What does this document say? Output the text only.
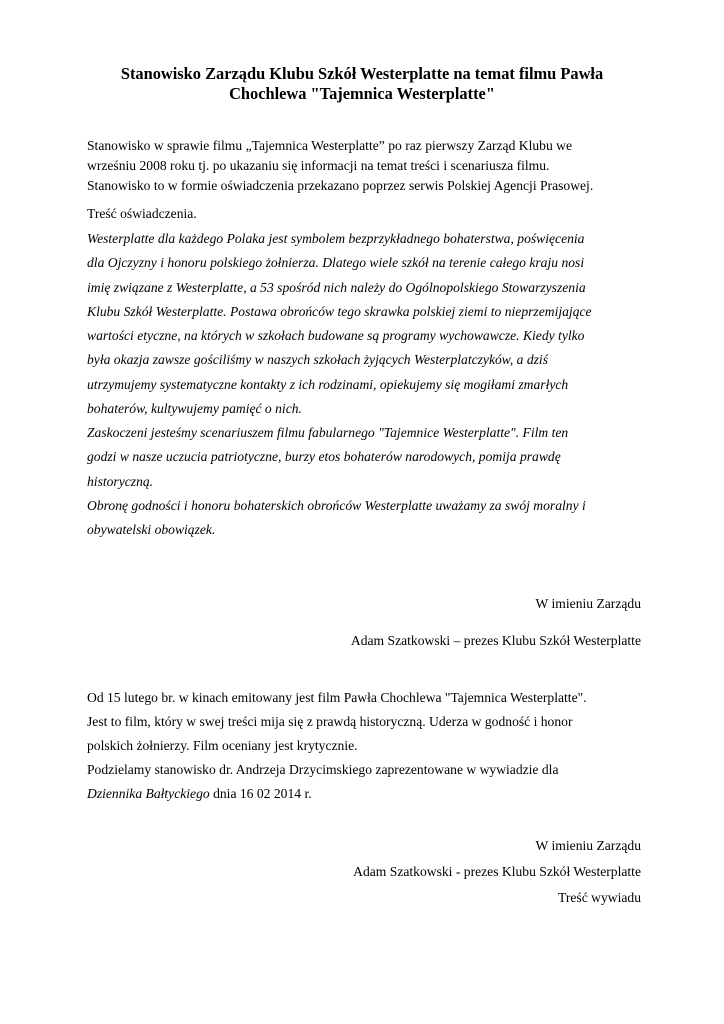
Stanowisko Zarządu Klubu Szkół Westerplatte na temat filmu Pawła
Chochlewa "Tajemnica Westerplatte"

Stanowisko w sprawie filmu „Tajemnica Westerplatte” po raz pierwszy Zarząd Klubu we
wrześniu 2008 roku tj. po ukazaniu się informacji na temat treści i scenariusza filmu.
Stanowisko to w formie oświadczenia przekazano poprzez serwis Polskiej Agencji Prasowej.

Treść oświadczenia.

Westerplatte dla każdego Polaka jest symbolem bezprzykładnego bohaterstwa, poświęcenia
dla Ojczyzny i honoru polskiego żołnierza. Dlatego wiele szkół na terenie całego kraju nosi
imię związane z Westerplatte, a 53 spośród nich należy do Ogólnopolskiego Stowarzyszenia
Klubu Szkół Westerplatte. Postawa obrońców tego skrawka polskiej ziemi to nieprzemijające
wartości etyczne, na których w szkołach budowane są programy wychowawcze. Kiedy tylko
była okazja zawsze gościliśmy w naszych szkołach żyjących Westerplatczyków, a dziś
utrzymujemy systematyczne kontakty z ich rodzinami, opiekujemy się mogiłami zmarłych
bohaterów, kultywujemy pamięć o nich.
Zaskoczeni jesteśmy scenariuszem filmu fabularnego "Tajemnice Westerplatte". Film ten
godzi w nasze uczucia patriotyczne, burzy etos bohaterów narodowych, pomija prawdę
historyczną.
Obronę godności i honoru bohaterskich obrońców Westerplatte uważamy za swój moralny i
obywatelski obowiązek.

W imieniu Zarządu

Adam Szatkowski – prezes Klubu Szkół Westerplatte

Od 15 lutego br. w kinach emitowany jest film Pawła Chochlewa "Tajemnica Westerplatte".
Jest to film, który w swej treści mija się z prawdą historyczną. Uderza w godność i honor
polskich żołnierzy. Film oceniany jest krytycznie.
Podzielamy stanowisko dr. Andrzeja Drzycimskiego zaprezentowane w wywiadzie dla
Dziennika Bałtyckiego dnia 16 02 2014 r.

W imieniu Zarządu

Adam Szatkowski - prezes Klubu Szkół Westerplatte

Treść wywiadu
